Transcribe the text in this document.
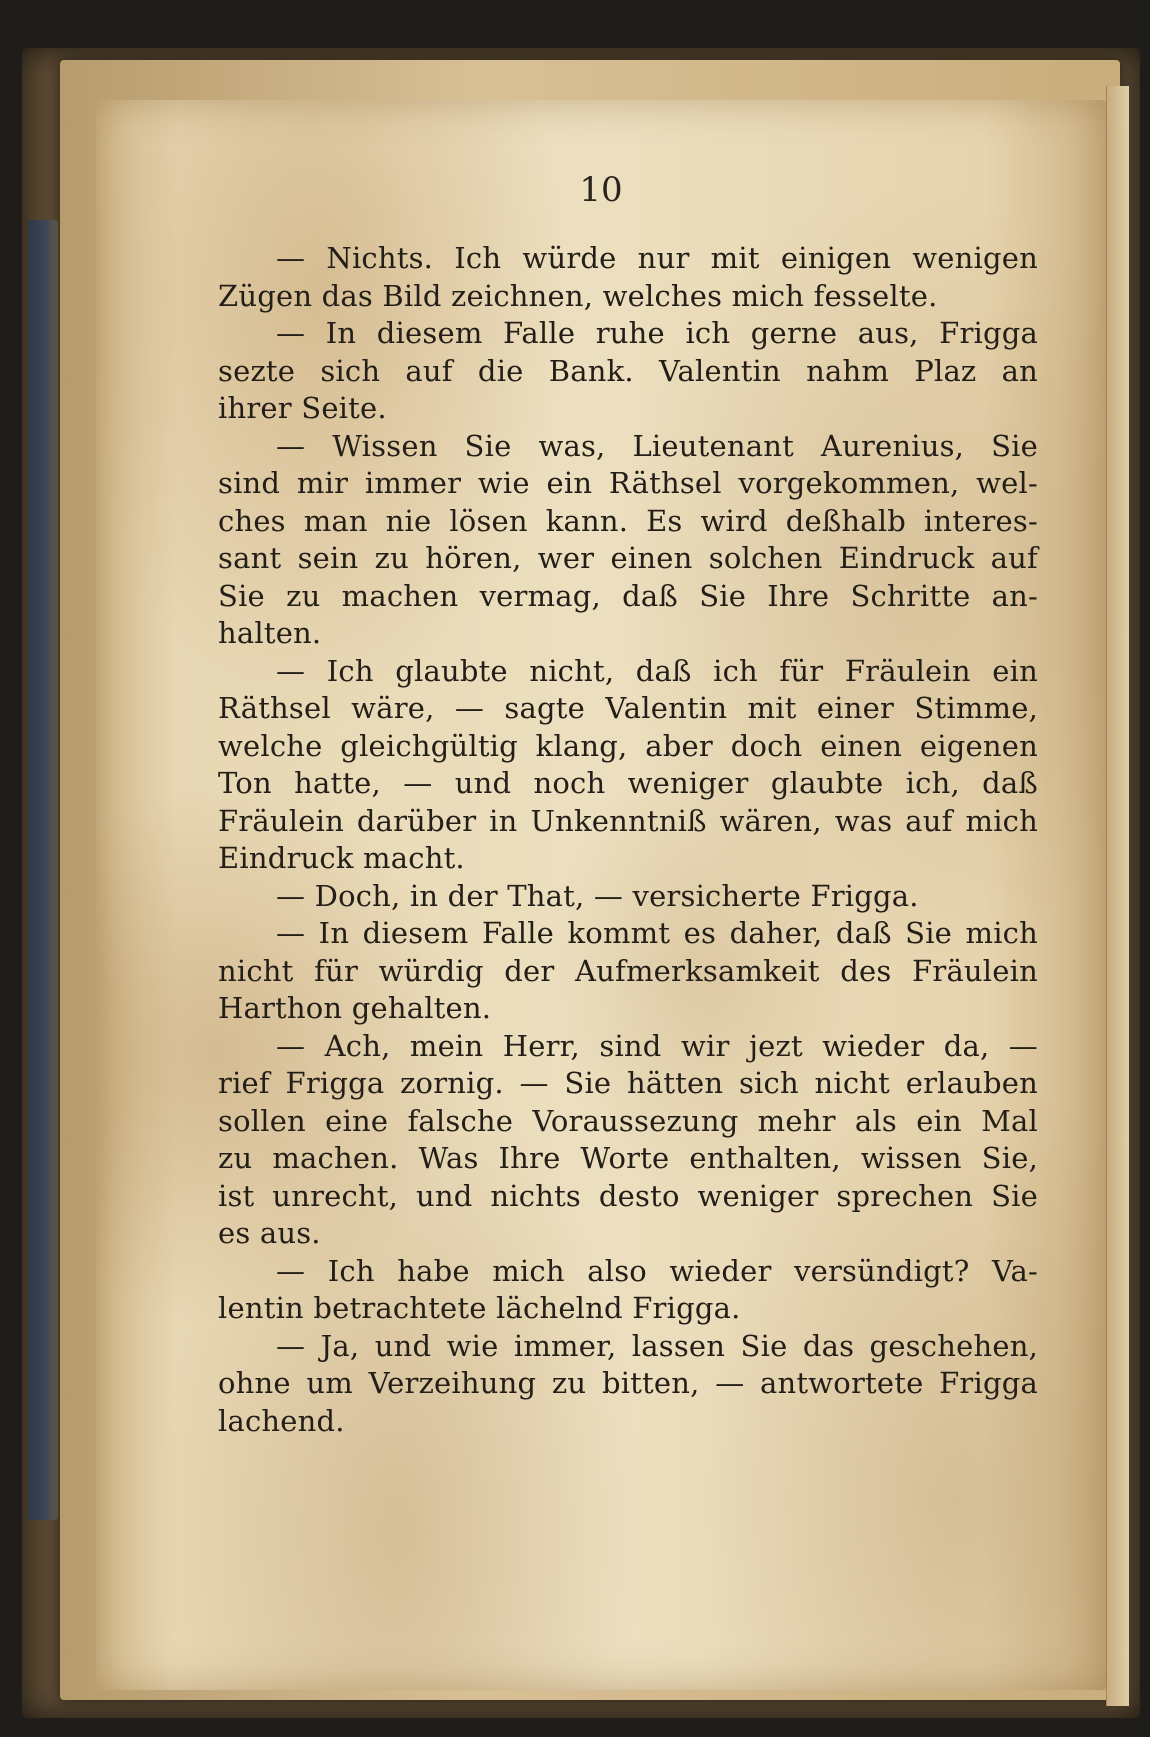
10
— Nichts. Ich würde nur mit einigen wenigen
Zügen das Bild zeichnen, welches mich fesselte.
— In diesem Falle ruhe ich gerne aus, Frigga
sezte sich auf die Bank. Valentin nahm Plaz an
ihrer Seite.
— Wissen Sie was, Lieutenant Aurenius, Sie
sind mir immer wie ein Räthsel vorgekommen, wel-
ches man nie lösen kann. Es wird deßhalb interes-
sant sein zu hören, wer einen solchen Eindruck auf
Sie zu machen vermag, daß Sie Ihre Schritte an-
halten.
— Ich glaubte nicht, daß ich für Fräulein ein
Räthsel wäre, — sagte Valentin mit einer Stimme,
welche gleichgültig klang, aber doch einen eigenen
Ton hatte, — und noch weniger glaubte ich, daß
Fräulein darüber in Unkenntniß wären, was auf mich
Eindruck macht.
— Doch, in der That, — versicherte Frigga.
— In diesem Falle kommt es daher, daß Sie mich
nicht für würdig der Aufmerksamkeit des Fräulein
Harthon gehalten.
— Ach, mein Herr, sind wir jezt wieder da, —
rief Frigga zornig. — Sie hätten sich nicht erlauben
sollen eine falsche Voraussezung mehr als ein Mal
zu machen. Was Ihre Worte enthalten, wissen Sie,
ist unrecht, und nichts desto weniger sprechen Sie
es aus.
— Ich habe mich also wieder versündigt? Va-
lentin betrachtete lächelnd Frigga.
— Ja, und wie immer, lassen Sie das geschehen,
ohne um Verzeihung zu bitten, — antwortete Frigga
lachend.
